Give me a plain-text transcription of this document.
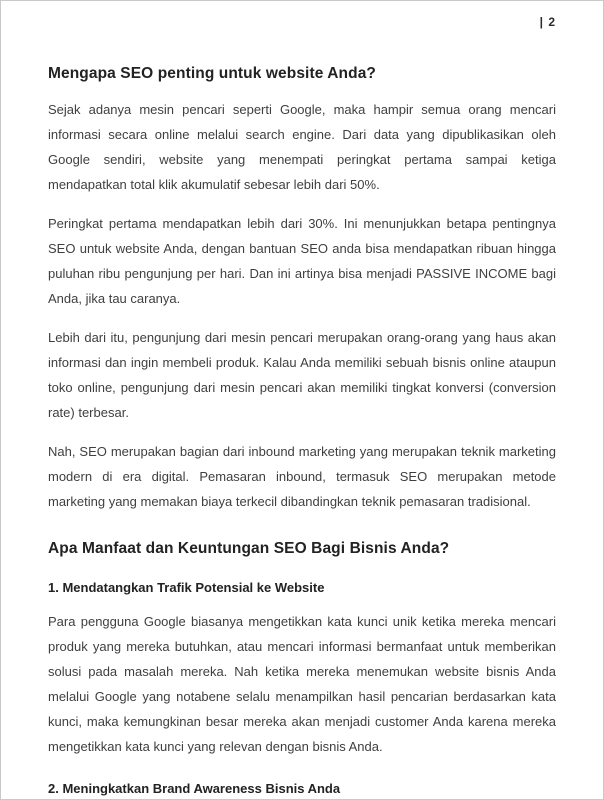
| 2
Mengapa SEO penting untuk website Anda?

Sejak adanya mesin pencari seperti Google, maka hampir semua orang mencari informasi secara online melalui search engine. Dari data yang dipublikasikan oleh Google sendiri, website yang menempati peringkat pertama sampai ketiga mendapatkan total klik akumulatif sebesar lebih dari 50%.

Peringkat pertama mendapatkan lebih dari 30%. Ini menunjukkan betapa pentingnya SEO untuk website Anda, dengan bantuan SEO anda bisa mendapatkan ribuan hingga puluhan ribu pengunjung per hari. Dan ini artinya bisa menjadi PASSIVE INCOME bagi Anda, jika tau caranya.

Lebih dari itu, pengunjung dari mesin pencari merupakan orang-orang yang haus akan informasi dan ingin membeli produk. Kalau Anda memiliki sebuah bisnis online ataupun toko online, pengunjung dari mesin pencari akan memiliki tingkat konversi (conversion rate) terbesar.

Nah, SEO merupakan bagian dari inbound marketing yang merupakan teknik marketing modern di era digital. Pemasaran inbound, termasuk SEO merupakan metode marketing yang memakan biaya terkecil dibandingkan teknik pemasaran tradisional.

Apa Manfaat dan Keuntungan SEO Bagi Bisnis Anda?
1. Mendatangkan Trafik Potensial ke Website

Para pengguna Google biasanya mengetikkan kata kunci unik ketika mereka mencari produk yang mereka butuhkan, atau mencari informasi bermanfaat untuk memberikan solusi pada masalah mereka. Nah ketika mereka menemukan website bisnis Anda melalui Google yang notabene selalu menampilkan hasil pencarian berdasarkan kata kunci, maka kemungkinan besar mereka akan menjadi customer Anda karena mereka mengetikkan kata kunci yang relevan dengan bisnis Anda.

2. Meningkatkan Brand Awareness Bisnis Anda
